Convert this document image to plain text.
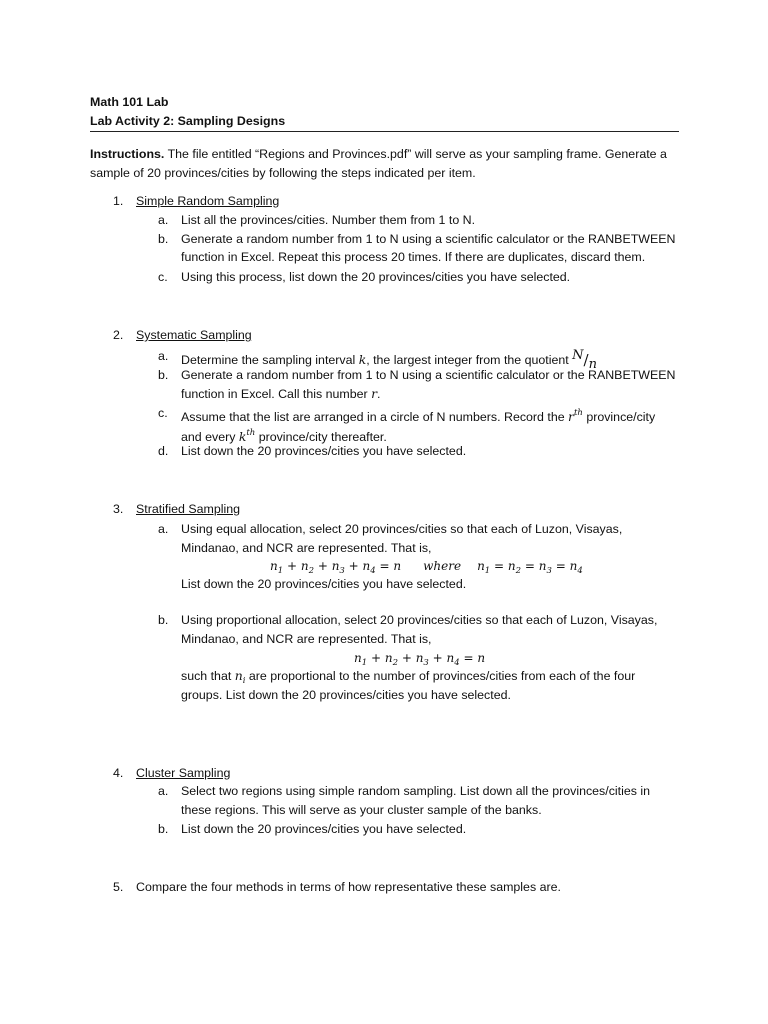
Math 101 Lab
Lab Activity 2: Sampling Designs
Instructions. The file entitled “Regions and Provinces.pdf” will serve as your sampling frame. Generate a
sample of 20 provinces/cities by following the steps indicated per item.
1. Simple Random Sampling
a. List all the provinces/cities. Number them from 1 to N.
b. Generate a random number from 1 to N using a scientific calculator or the RANBETWEEN
function in Excel. Repeat this process 20 times. If there are duplicates, discard them.
c. Using this process, list down the 20 provinces/cities you have selected.
2. Systematic Sampling
a. Determine the sampling interval k, the largest integer from the quotient N/n
b. Generate a random number from 1 to N using a scientific calculator or the RANBETWEEN
function in Excel. Call this number r.
c. Assume that the list are arranged in a circle of N numbers. Record the $r^{th}$ province/city
and every $k^{th}$ province/city thereafter.
d. List down the 20 provinces/cities you have selected.
3. Stratified Sampling
a. Using equal allocation, select 20 provinces/cities so that each of Luzon, Visayas,
Mindanao, and NCR are represented. That is,
$n_1 + n_2 + n_3 + n_4 = n$ where $n_1 = n_2 = n_3 = n_4$
List down the 20 provinces/cities you have selected.
b. Using proportional allocation, select 20 provinces/cities so that each of Luzon, Visayas,
Mindanao, and NCR are represented. That is,
$n_1 + n_2 + n_3 + n_4 = n$
such that $n_i$ are proportional to the number of provinces/cities from each of the four
groups. List down the 20 provinces/cities you have selected.
4. Cluster Sampling
a. Select two regions using simple random sampling. List down all the provinces/cities in
these regions. This will serve as your cluster sample of the banks.
b. List down the 20 provinces/cities you have selected.
5. Compare the four methods in terms of how representative these samples are.
